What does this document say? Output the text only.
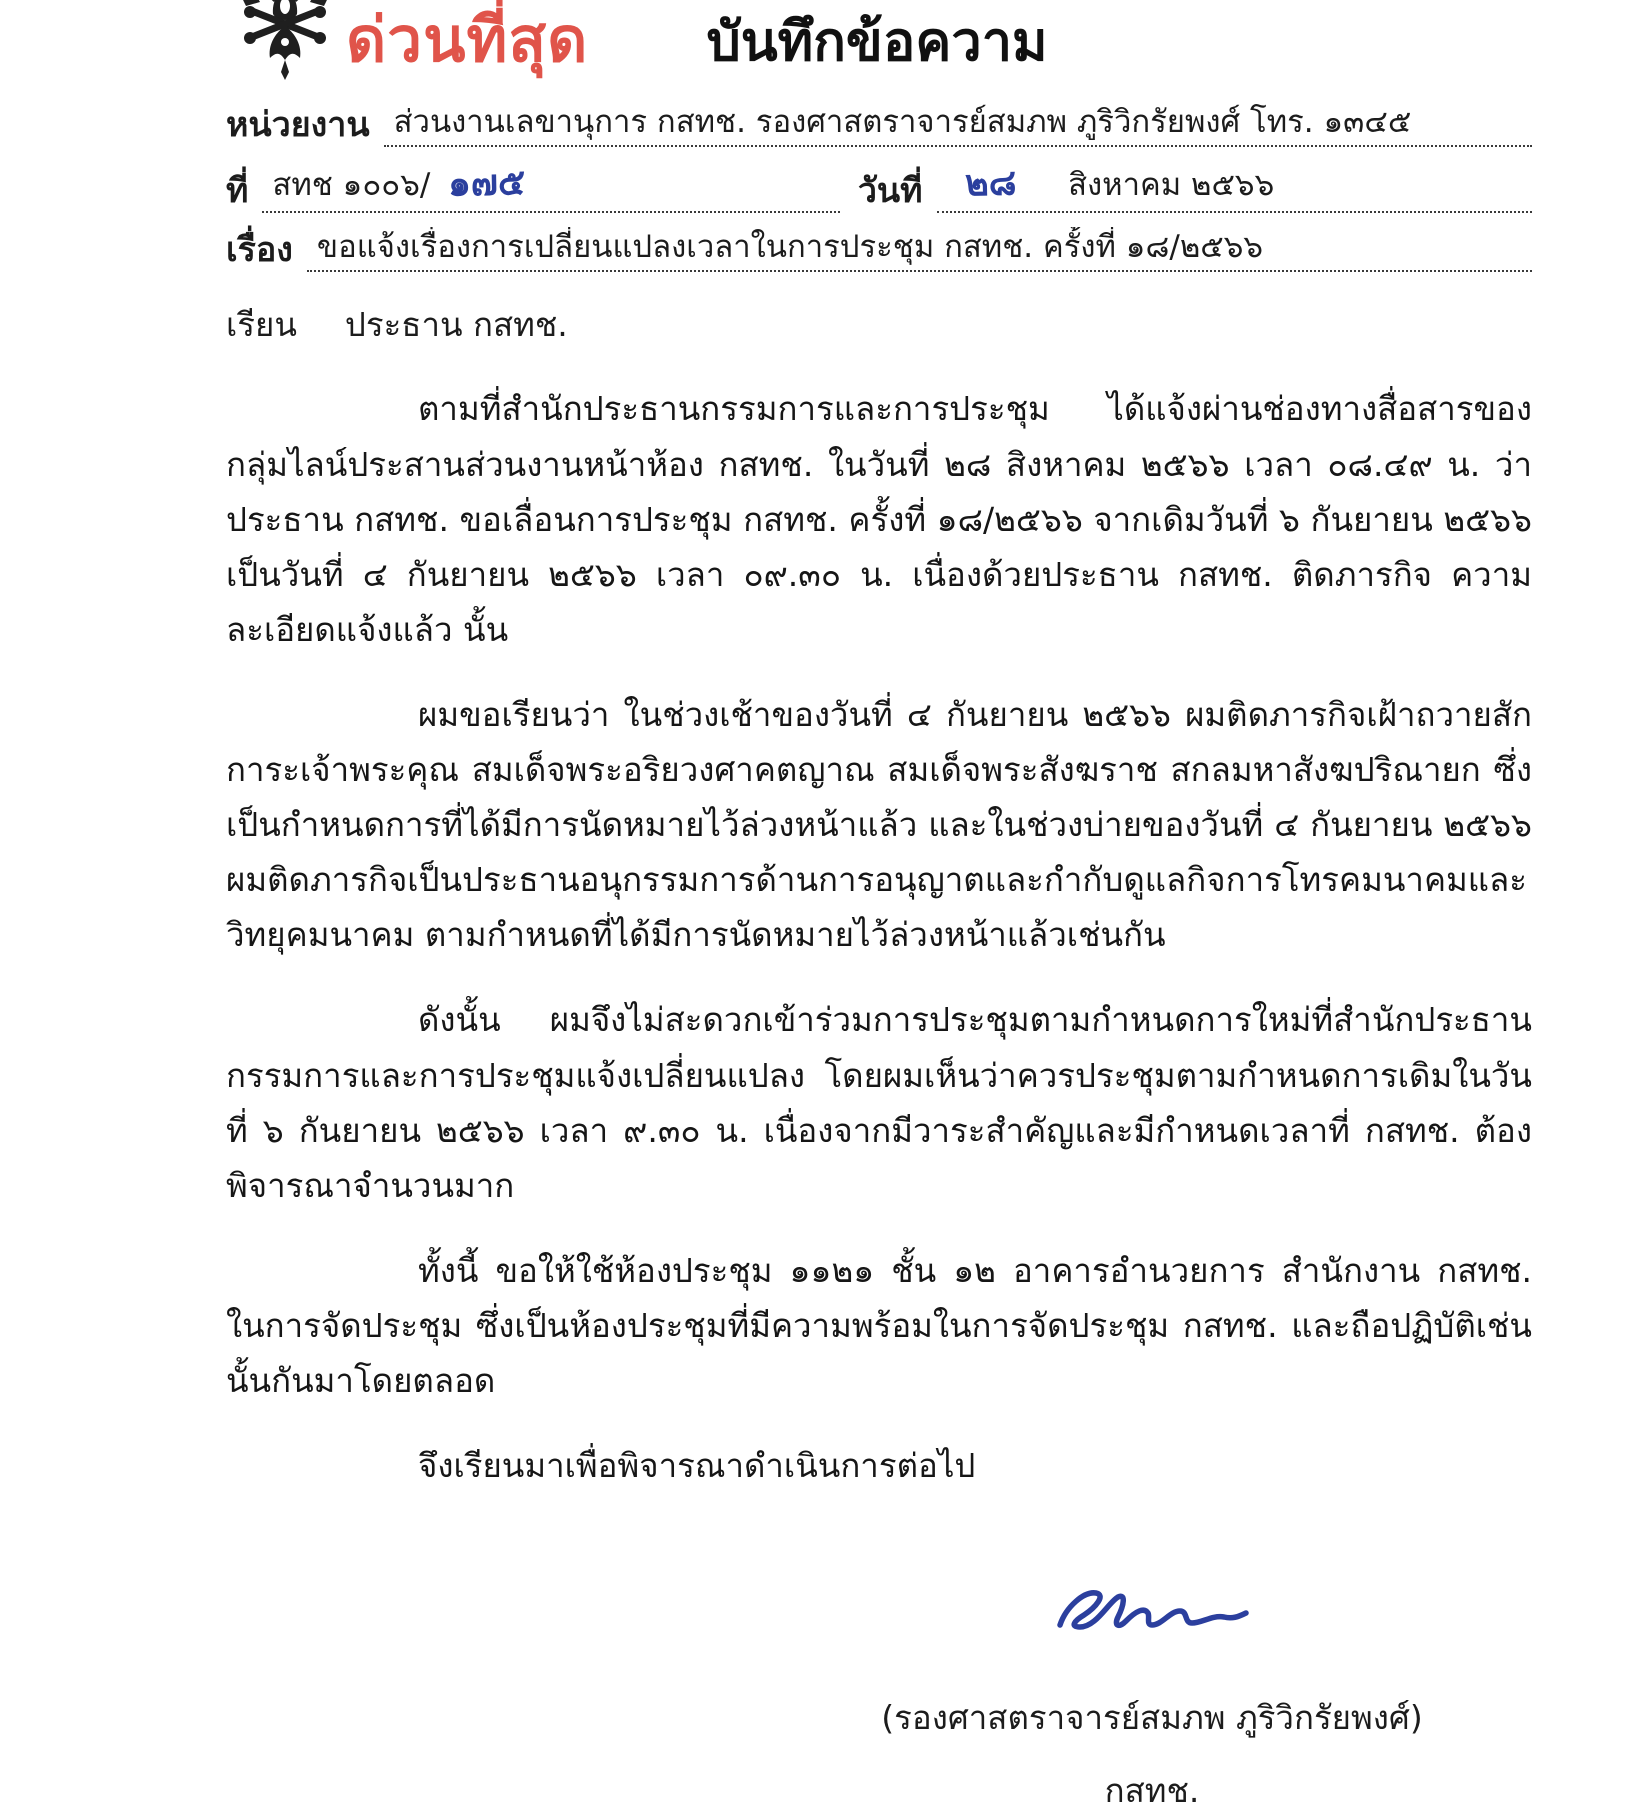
ด่วนที่สุด บันทึกข้อความ
หน่วยงาน ส่วนงานเลขานุการ กสทช. รองศาสตราจารย์สมภพ ภูริวิกรัยพงศ์ โทร. ๑๓๔๕
ที่ สทช ๑๐๐๖/ ๑๗๕	วันที่	๒๘ สิงหาคม ๒๕๖๖
เรื่อง ขอแจ้งเรื่องการเปลี่ยนแปลงเวลาในการประชุม กสทช. ครั้งที่ ๑๘/๒๕๖๖
เรียน	ประธาน กสทช.

ตามที่สำนักประธานกรรมการและการประชุม ได้แจ้งผ่านช่องทางสื่อสารของกลุ่มไลน์ประสานส่วนงานหน้าห้อง กสทช. ในวันที่ ๒๘ สิงหาคม ๒๕๖๖ เวลา ๐๘.๔๙ น. ว่าประธาน กสทช. ขอเลื่อนการประชุม กสทช. ครั้งที่ ๑๘/๒๕๖๖ จากเดิมวันที่ ๖ กันยายน ๒๕๖๖ เป็นวันที่ ๔ กันยายน ๒๕๖๖ เวลา ๐๙.๓๐ น. เนื่องด้วยประธาน กสทช. ติดภารกิจ ความละเอียดแจ้งแล้ว นั้น

ผมขอเรียนว่า ในช่วงเช้าของวันที่ ๔ กันยายน ๒๕๖๖ ผมติดภารกิจเฝ้าถวายสักการะเจ้าพระคุณ สมเด็จพระอริยวงศาคตญาณ สมเด็จพระสังฆราช สกลมหาสังฆปริณายก ซึ่งเป็นกำหนดการที่ได้มีการนัดหมายไว้ล่วงหน้าแล้ว และในช่วงบ่ายของวันที่ ๔ กันยายน ๒๕๖๖ ผมติดภารกิจเป็นประธานอนุกรรมการด้านการอนุญาตและกำกับดูแลกิจการโทรคมนาคมและวิทยุคมนาคม ตามกำหนดที่ได้มีการนัดหมายไว้ล่วงหน้าแล้วเช่นกัน

ดังนั้น ผมจึงไม่สะดวกเข้าร่วมการประชุมตามกำหนดการใหม่ที่สำนักประธานกรรมการและการประชุมแจ้งเปลี่ยนแปลง โดยผมเห็นว่าควรประชุมตามกำหนดการเดิมในวันที่ ๖ กันยายน ๒๕๖๖ เวลา ๙.๓๐ น. เนื่องจากมีวาระสำคัญและมีกำหนดเวลาที่ กสทช. ต้องพิจารณาจำนวนมาก

ทั้งนี้ ขอให้ใช้ห้องประชุม ๑๑๒๑ ชั้น ๑๒ อาคารอำนวยการ สำนักงาน กสทช. ในการจัดประชุม ซึ่งเป็นห้องประชุมที่มีความพร้อมในการจัดประชุม กสทช. และถือปฏิบัติเช่นนั้นกันมาโดยตลอด

จึงเรียนมาเพื่อพิจารณาดำเนินการต่อไป

(รองศาสตราจารย์สมภพ ภูริวิกรัยพงศ์)
กสทช.
